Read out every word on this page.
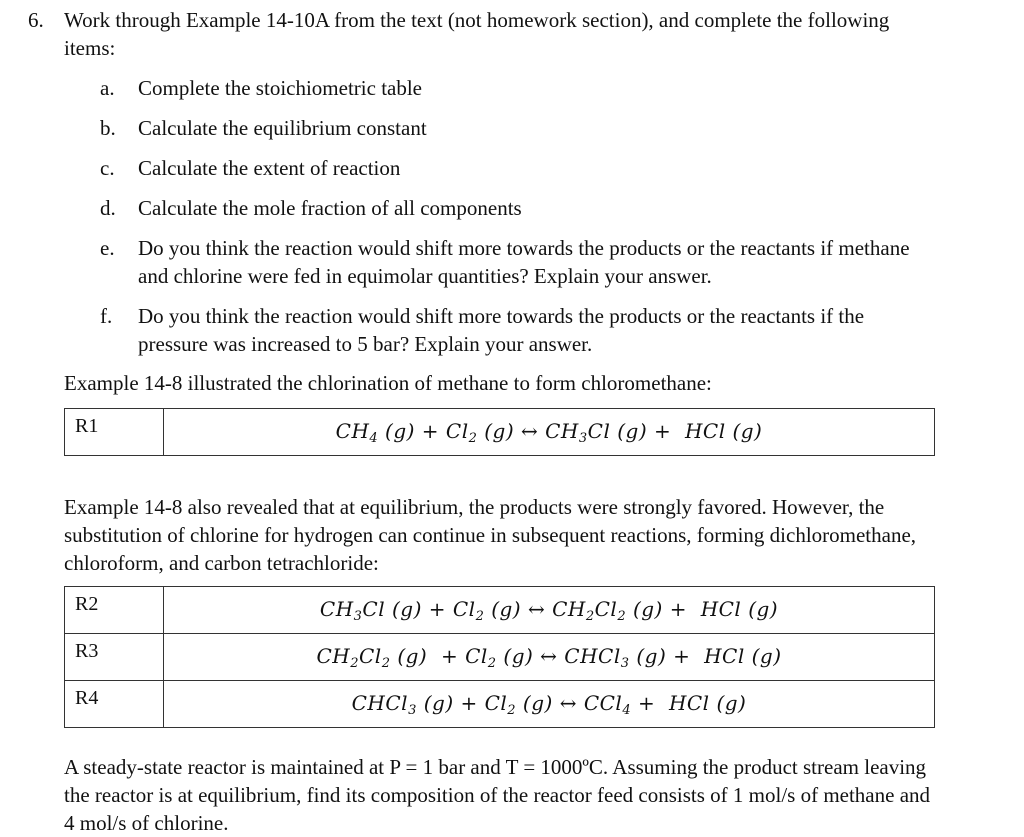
6. Work through Example 14-10A from the text (not homework section), and complete the following items:
a. Complete the stoichiometric table
b. Calculate the equilibrium constant
c. Calculate the extent of reaction
d. Calculate the mole fraction of all components
e. Do you think the reaction would shift more towards the products or the reactants if methane and chlorine were fed in equimolar quantities? Explain your answer.
f. Do you think the reaction would shift more towards the products or the reactants if the pressure was increased to 5 bar? Explain your answer.
Example 14-8 illustrated the chlorination of methane to form chloromethane:
R1	$CH_4$ $(g) + Cl_2$ (g) ↔ $CH_3Cl$ (g) +  HCl (g)
Example 14-8 also revealed that at equilibrium, the products were strongly favored. However, the substitution of chlorine for hydrogen can continue in subsequent reactions, forming dichloromethane, chloroform, and carbon tetrachloride:
R2	$CH_3Cl$ $(g) + Cl_2$ (g) ↔ $CH_2Cl_2$ (g) +  HCl (g)
R3	$CH_2Cl_2$ $(g) + Cl_2$ (g) ↔ CHCl$_3$ (g) +  HCl (g)
R4	CHCl$_3$ $(g) + Cl_2$ (g) ↔ CCl$_4$ +  HCl (g)
A steady-state reactor is maintained at P = 1 bar and T = 1000ºC. Assuming the product stream leaving the reactor is at equilibrium, find its composition of the reactor feed consists of 1 mol/s of methane and 4 mol/s of chlorine.
